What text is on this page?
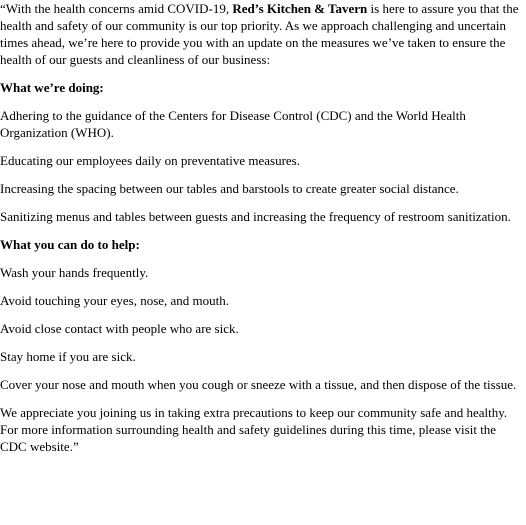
“With the health concerns amid COVID-19, Red’s Kitchen & Tavern is here to assure you that the health and safety of our community is our top priority. As we approach challenging and uncertain times ahead, we’re here to provide you with an update on the measures we’ve taken to ensure the health of our guests and cleanliness of our business:

What we’re doing:

Adhering to the guidance of the Centers for Disease Control (CDC) and the World Health Organization (WHO).

Educating our employees daily on preventative measures.

Increasing the spacing between our tables and barstools to create greater social distance.

Sanitizing menus and tables between guests and increasing the frequency of restroom sanitization.

What you can do to help:

Wash your hands frequently.

Avoid touching your eyes, nose, and mouth.

Avoid close contact with people who are sick.

Stay home if you are sick.

Cover your nose and mouth when you cough or sneeze with a tissue, and then dispose of the tissue.

We appreciate you joining us in taking extra precautions to keep our community safe and healthy. For more information surrounding health and safety guidelines during this time, please visit the CDC website.”
